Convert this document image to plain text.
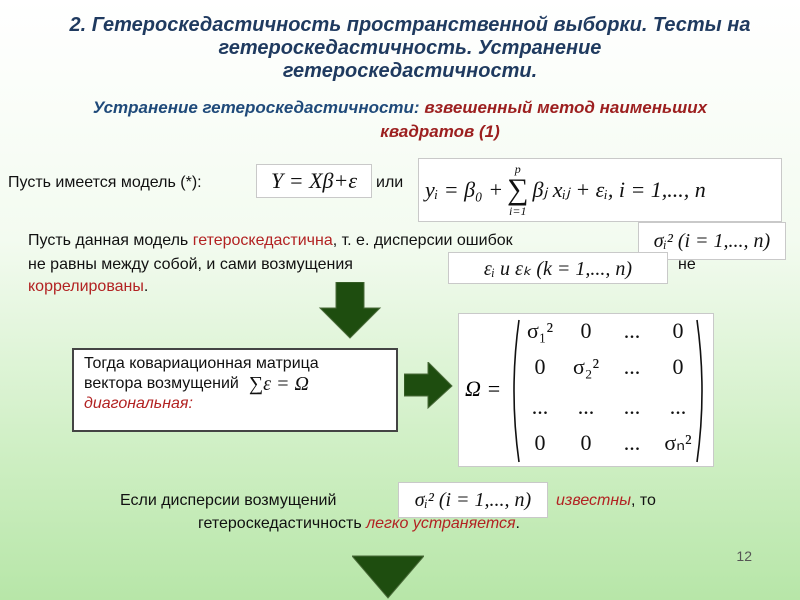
2. Гетероскедастичность пространственной выборки. Тесты на
гетероскедастичность. Устранение
гетероскедастичности.
Устранение гетероскедастичности: взвешенный метод наименьших
квадратов (1)
Пусть имеется модель (*):	Y = Xβ+ε или yᵢ = β₀ +
p
∑
i=1
βⱼ xᵢⱼ + εᵢ, i = 1,..., n
Пусть данная модель гетероскедастична, т. е. дисперсии ошибок	σᵢ² (i = 1,..., n)
не равны между собой, и сами возмущения	εᵢ и εₖ (k = 1,..., n)	не
коррелированы.
Тогда ковариационная матрица
вектора возмущений ∑ε = Ω
диагональная:
Ω =
σ₁²	0	...	0
0	σ₂²	...	0
...	...	...	...
0	0	...	σₙ²
Если дисперсии возмущений	σᵢ² (i = 1,..., n) известны, то
гетероскедастичность легко устраняется.
12
